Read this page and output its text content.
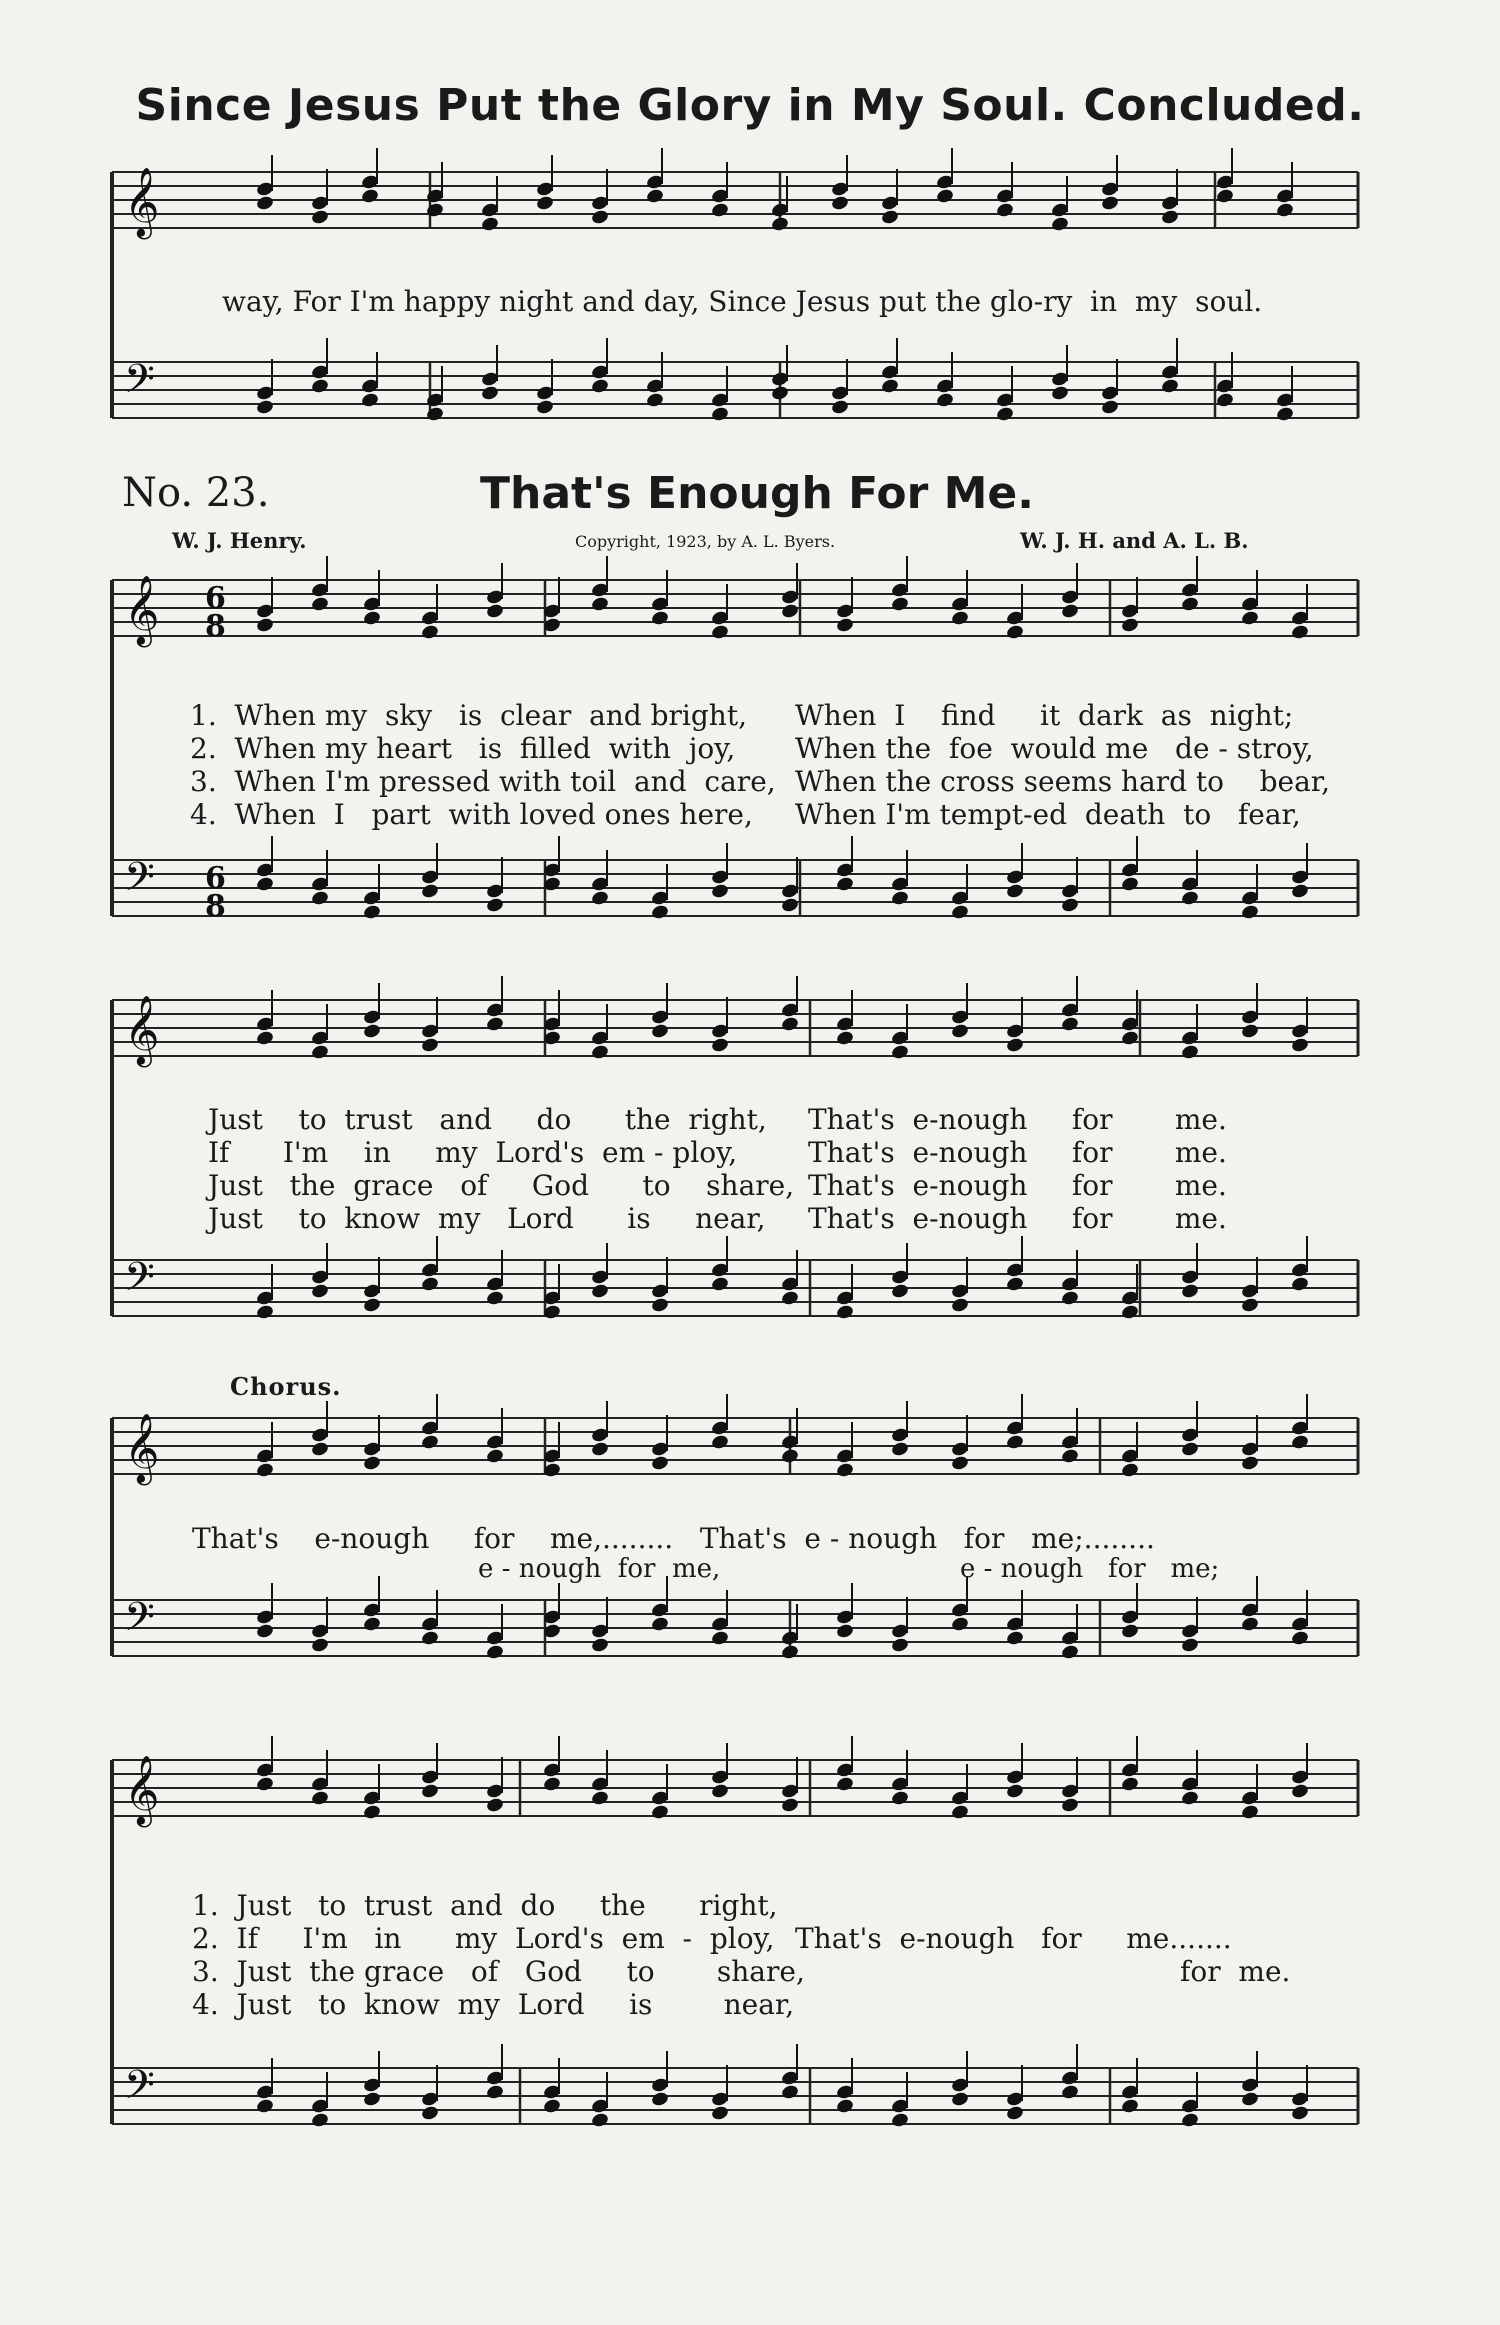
Since Jesus Put the Glory in My Soul. Concluded.
𝄞
𝄢
𝄞
𝄢
𝄞
𝄢
𝄞
𝄢
𝄞
𝄢
6
8
6
8
way, For I'm happy night and day, Since Jesus put the glo-ry  in  my  soul.
No. 23.	That's Enough For Me.
W. J. Henry.	Copyright, 1923, by A. L. Byers.	W. J. H. and A. L. B.
1.  When my  sky   is  clear  and bright,
2.  When my heart   is  filled  with  joy,
3.  When I'm pressed with toil  and  care,
4.  When  I   part  with loved ones here,
When  I    find     it  dark  as  night;
When the  foe  would me   de - stroy,
When the cross seems hard to    bear,
When I'm tempt-ed  death  to   fear,
Just    to  trust   and     do      the  right,
If      I'm    in     my  Lord's  em - ploy,
Just   the  grace   of     God      to    share,
Just    to  know  my   Lord      is     near,
That's  e-nough     for       me.
That's  e-nough     for       me.
That's  e-nough     for       me.
That's  e-nough     for       me.
Chorus.
That's    e-nough     for    me,........   That's  e - nough   for   me;........
e - nough  for  me,                             e - nough   for   me;
1.  Just   to  trust  and  do     the      right,
2.  If     I'm   in      my  Lord's  em  -  ploy,
3.  Just  the grace   of   God     to       share,
4.  Just   to  know  my  Lord     is        near,
That's  e-nough   for     me.......
for  me.
